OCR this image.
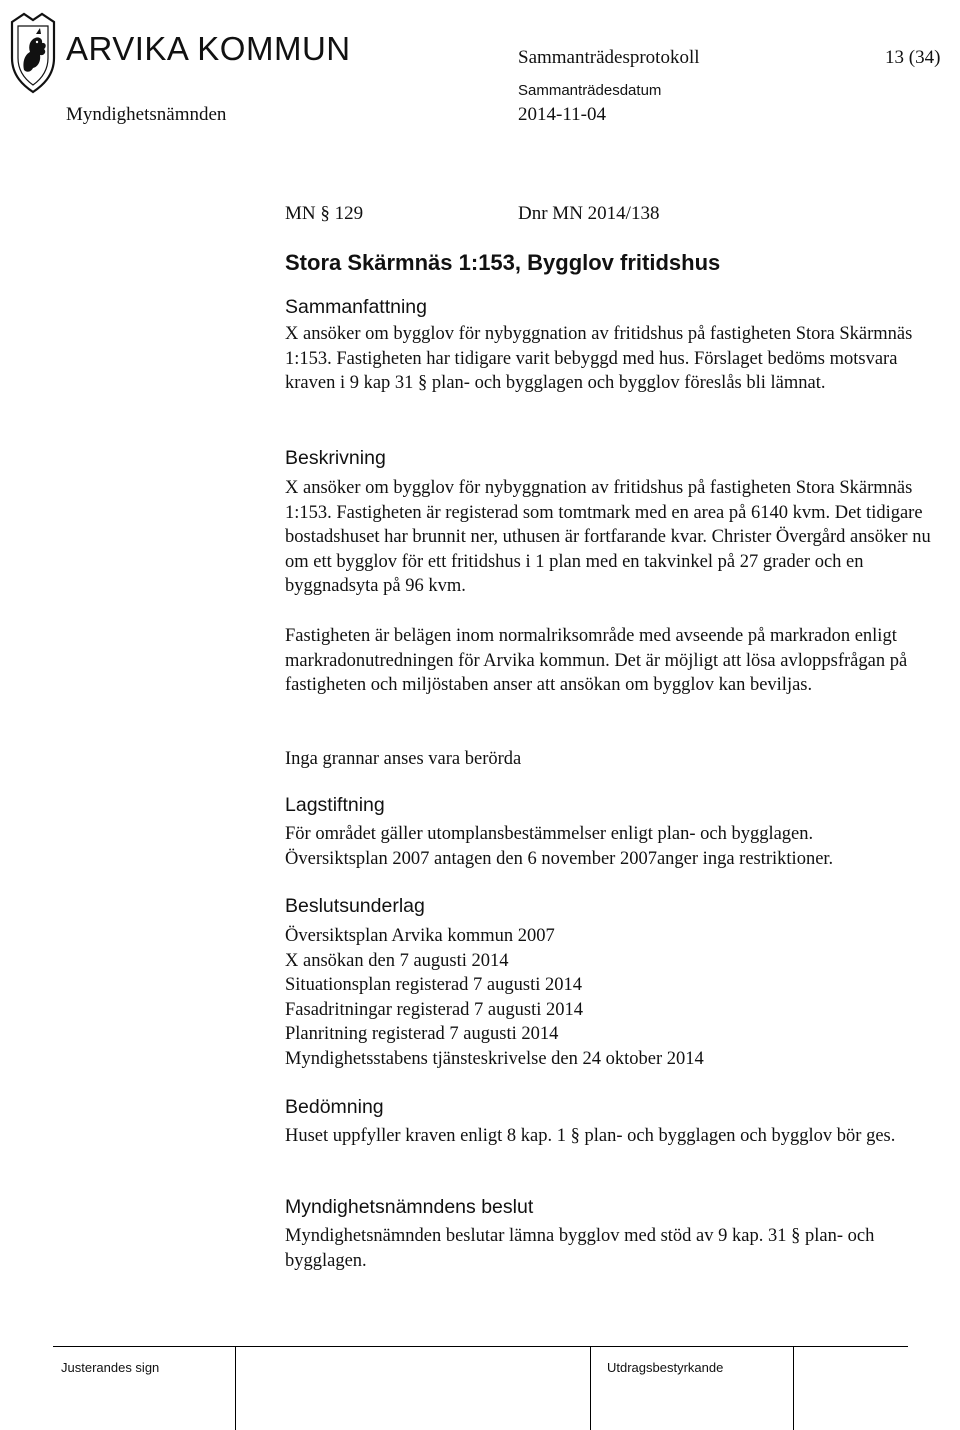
ARVIKA KOMMUN	Sammanträdesprotokoll	13 (34)
Sammanträdesdatum
Myndighetsnämnden	2014-11-04
MN § 129	Dnr MN 2014/138
Stora Skärmnäs 1:153, Bygglov fritidshus
Sammanfattning

X ansöker om bygglov för nybyggnation av fritidshus på fastigheten Stora Skärmnäs 1:153. Fastigheten har tidigare varit bebyggd med hus. Förslaget bedöms motsvara kraven i 9 kap 31 § plan- och bygglagen och bygglov föreslås bli lämnat.

Beskrivning

X ansöker om bygglov för nybyggnation av fritidshus på fastigheten Stora Skärmnäs 1:153. Fastigheten är registerad som tomtmark med en area på 6140 kvm. Det tidigare bostadshuset har brunnit ner, uthusen är fortfarande kvar. Christer Övergård ansöker nu om ett bygglov för ett fritidshus i 1 plan med en takvinkel på 27 grader och en byggnadsyta på 96 kvm.

Fastigheten är belägen inom normalriksområde med avseende på markradon enligt markradonutredningen för Arvika kommun. Det är möjligt att lösa avloppsfrågan på fastigheten och miljöstaben anser att ansökan om bygglov kan beviljas.

Inga grannar anses vara berörda

Lagstiftning
För området gäller utomplansbestämmelser enligt plan- och bygglagen.
Översiktsplan 2007 antagen den 6 november 2007anger inga restriktioner.
Beslutsunderlag
Översiktsplan Arvika kommun 2007
X ansökan den 7 augusti 2014
Situationsplan registerad 7 augusti 2014
Fasadritningar registerad 7 augusti 2014
Planritning registerad 7 augusti 2014
Myndighetsstabens tjänsteskrivelse den 24 oktober 2014
Bedömning

Huset uppfyller kraven enligt 8 kap. 1 § plan- och bygglagen och bygglov bör ges.

Myndighetsnämndens beslut

Myndighetsnämnden beslutar lämna bygglov med stöd av 9 kap. 31 § plan- och bygglagen.

Justerandes sign	Utdragsbestyrkande
